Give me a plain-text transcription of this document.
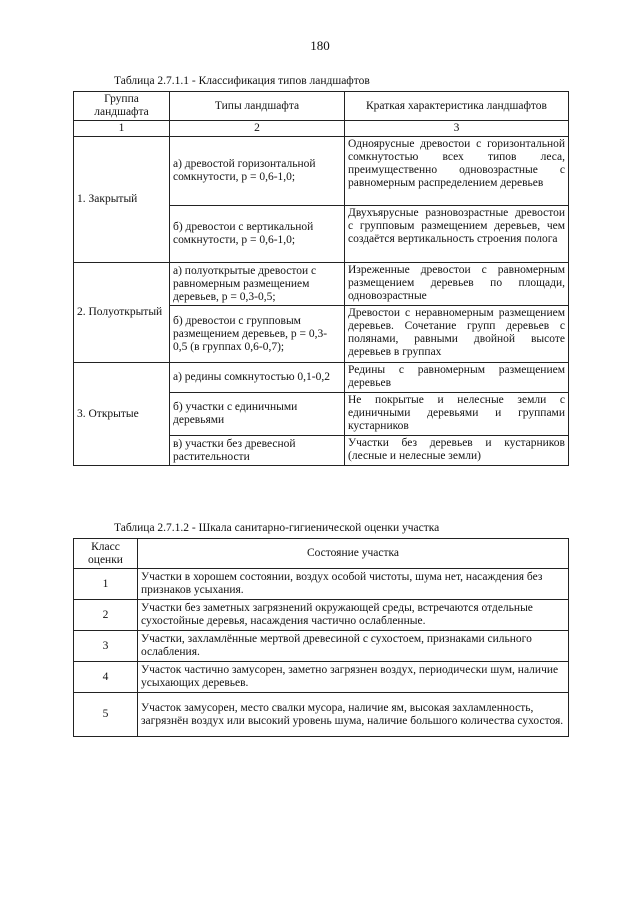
180
Таблица 2.7.1.1 - Классификация типов ландшафтов
Группа ландшафта	Типы ландшафта	Краткая характеристика ландшафтов
1	2	3
1. Закрытый	а) древостой горизонтальной сомкнутости, p = 0,6-1,0;	Одноярусные древостои с горизонтальной сомкнутостью всех типов леса, преимущественно одновозрастные с равномерным распределением деревьев
	б) древостои с вертикальной сомкнутости, p = 0,6-1,0;	Двухъярусные разновозрастные древостои с групповым размещением деревьев, чем создаётся вертикальность строения полога
2. Полуоткрытый	а) полуоткрытые древостои с равномерным размещением деревьев, p = 0,3-0,5;	Изреженные древостои с равномерным размещением деревьев по площади, одновозрастные
	б) древостои с групповым размещением деревьев, p = 0,3-0,5 (в группах 0,6-0,7);	Древостои с неравномерным размещением деревьев. Сочетание групп деревьев с полянами, равными двойной высоте деревьев в группах
3. Открытые	а) редины сомкнутостью 0,1-0,2	Редины с равномерным размещением деревьев
	б) участки с единичными деревьями	Не покрытые и нелесные земли с единичными деревьями и группами кустарников
	в) участки без древесной растительности	Участки без деревьев и кустарников (лесные и нелесные земли)
Таблица 2.7.1.2 - Шкала санитарно-гигиенической оценки участка
Класс оценки	Состояние участка
1	Участки в хорошем состоянии, воздух особой чистоты, шума нет, насаждения без признаков усыхания.
2	Участки без заметных загрязнений окружающей среды, встречаются отдельные сухостойные деревья, насаждения частично ослабленные.
3	Участки, захламлённые мертвой древесиной с сухостоем, признаками сильного ослабления.
4	Участок частично замусорен, заметно загрязнен воздух, периодически шум, наличие усыхающих деревьев.
5	Участок замусорен, место свалки мусора, наличие ям, высокая захламленность, загрязнён воздух или высокий уровень шума, наличие большого количества сухостоя.
